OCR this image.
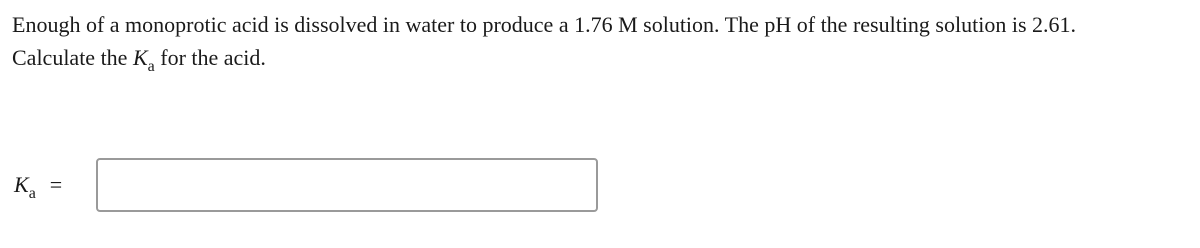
Enough of a monoprotic acid is dissolved in water to produce a 1.76 M solution. The pH of the resulting solution is 2.61.

Calculate the $K_a$ for the acid.

$K_a$ =
